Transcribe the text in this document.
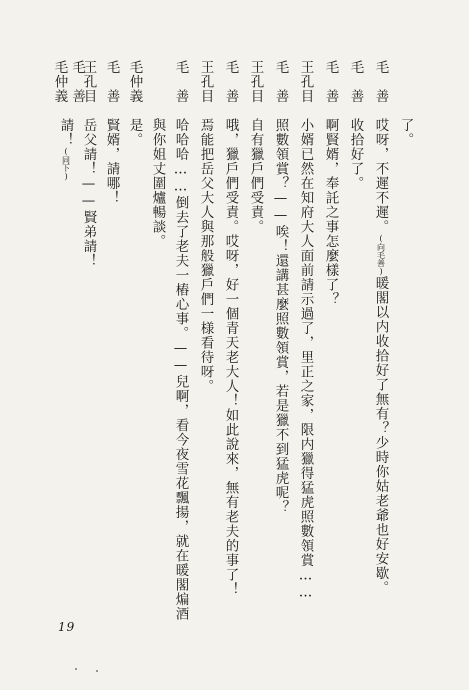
了。
毛　善
哎呀，不遲不遲。(向毛善)暖閣以内收拾好了無有？少時你姑老爺也好安歇。
毛　善
收拾好了。
毛　善
啊賢婿，奉託之事怎麼樣了？
王孔目
小婿已然在知府大人面前請示過了，里正之家，限内獵得猛虎照數領賞……
毛　善
照數領賞？——唉！還講甚麼照數領賞，若是獵不到猛虎呢？
王孔目
自有獵戶們受責。
毛　善
哦，獵戶們受責。哎呀，好一個青天老大人！如此說來，無有老夫的事了！
王孔目
焉能把岳父大人與那般獵戶們一様看待呀。
毛　善
哈哈哈……倒去了老夫一樁心事。——兒啊，看今夜雪花飄揚，就在暖閣煸酒
與你姐丈圍爐暢談。
毛仲義
是。
毛　善
賢婿，請哪！
王孔目
岳父請！——賢弟請！
毛　善
毛仲義
請！(同下)
19
